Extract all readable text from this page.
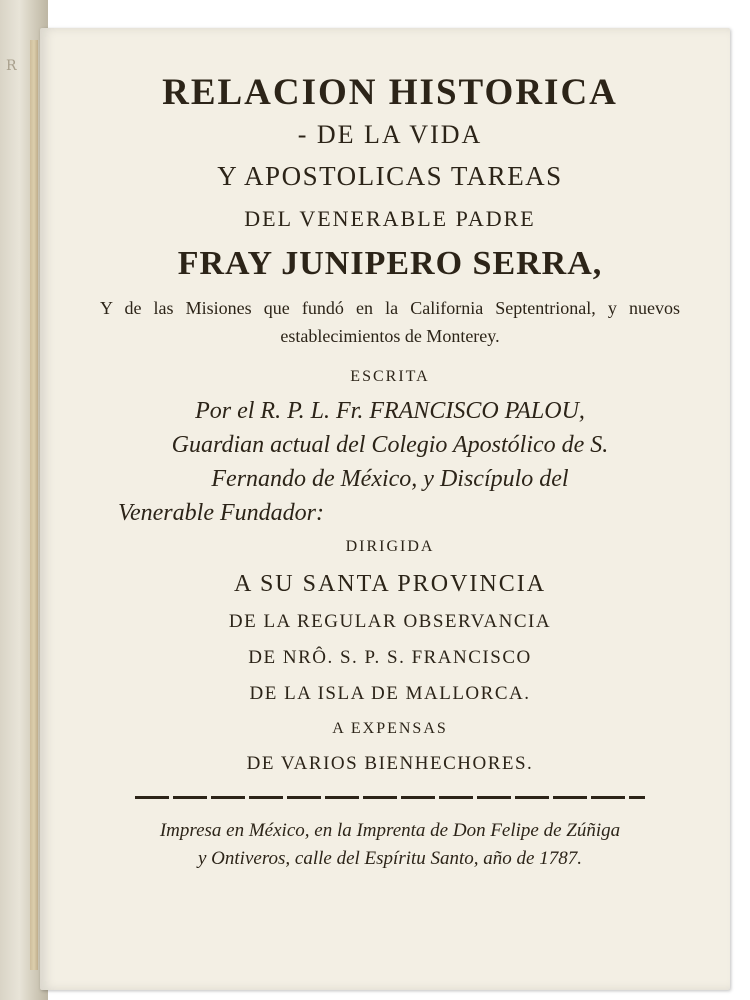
R
RELACION HISTORICA
- DE LA VIDA
Y APOSTOLICAS TAREAS
DEL VENERABLE PADRE
FRAY JUNIPERO SERRA,
Y de las Misiones que fundó en la California Septentrional, y nuevos establecimientos de Monterey.
ESCRITA
Por el R. P. L. Fr. FRANCISCO PALOU,
Guardian actual del Colegio Apostólico de S.
Fernando de México, y Discípulo del
Venerable Fundador:
DIRIGIDA
A SU SANTA PROVINCIA
DE LA REGULAR OBSERVANCIA
DE NRÔ. S. P. S. FRANCISCO
DE LA ISLA DE MALLORCA.
A EXPENSAS
DE VARIOS BIENHECHORES.
Impresa en México, en la Imprenta de Don Felipe de Zúñiga
y Ontiveros, calle del Espíritu Santo, año de 1787.
